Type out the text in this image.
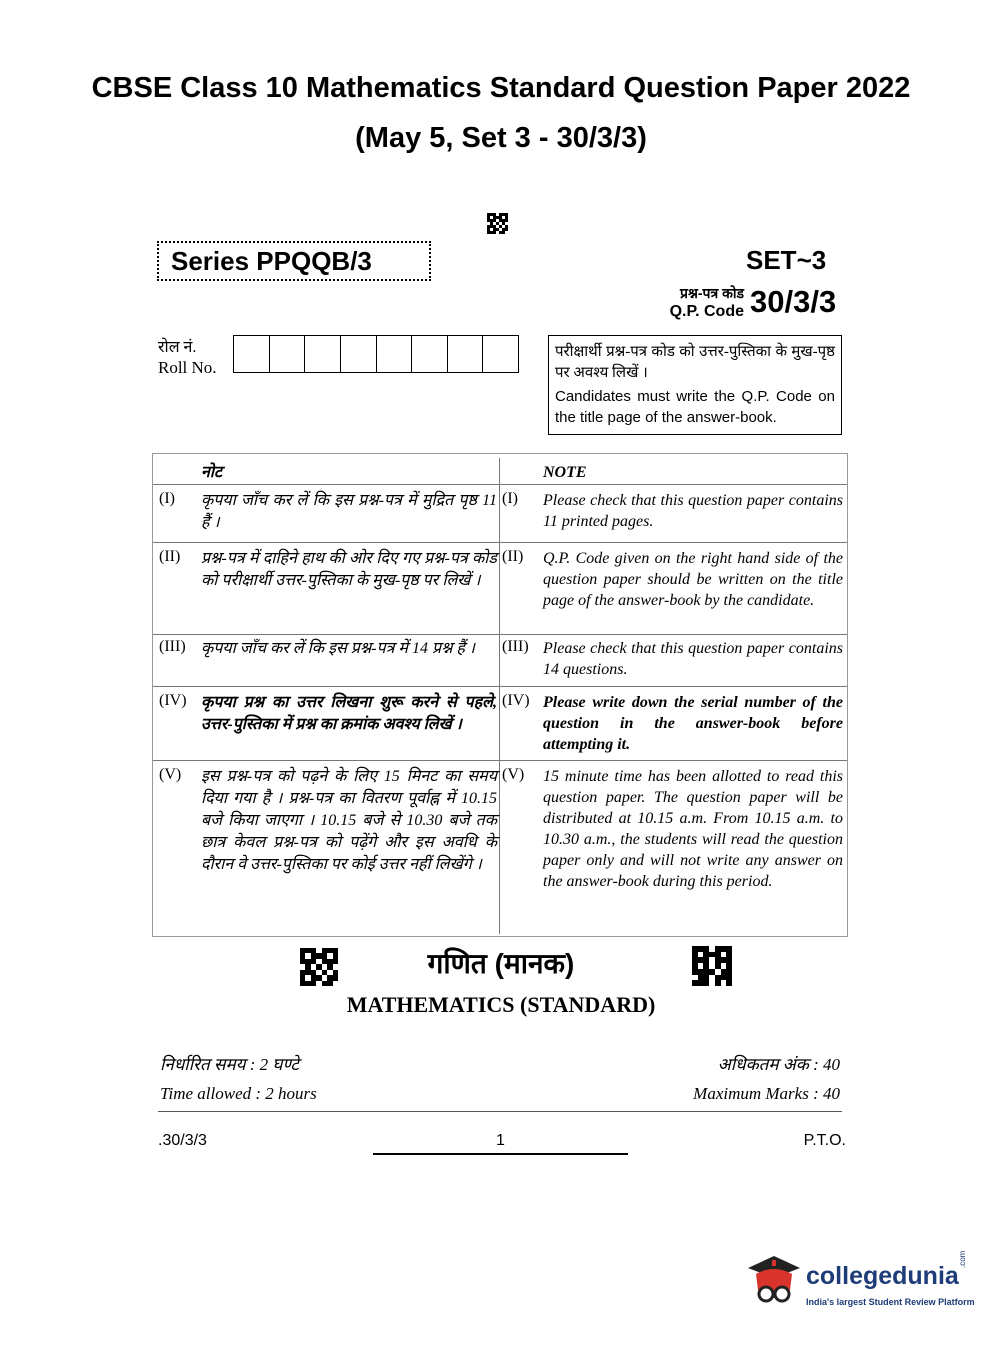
CBSE Class 10 Mathematics Standard Question Paper 2022
(May 5, Set 3 - 30/3/3)
Series PPQQB/3	SET~3
प्रश्न-पत्र कोड
Q.P. Code 30/3/3
रोल नं.
Roll No.
परीक्षार्थी प्रश्न-पत्र कोड को उत्तर-पुस्तिका के मुख-पृष्ठ पर अवश्य लिखें ।
Candidates must write the Q.P. Code on the title page of the answer-book.
नोट	NOTE
(I) कृपया जाँच कर लें कि इस प्रश्न-पत्र में मुद्रित पृष्ठ 11 हैं ।
(I) Please check that this question paper contains 11 printed pages.
(II) प्रश्न-पत्र में दाहिने हाथ की ओर दिए गए प्रश्न-पत्र कोड को परीक्षार्थी उत्तर-पुस्तिका के मुख-पृष्ठ पर लिखें ।
(II) Q.P. Code given on the right hand side of the question paper should be written on the title page of the answer-book by the candidate.
(III) कृपया जाँच कर लें कि इस प्रश्न-पत्र में 14 प्रश्न हैं ।	(III) Please check that this question paper contains 14 questions.
(IV) कृपया प्रश्न का उत्तर लिखना शुरू करने से पहले, उत्तर-पुस्तिका में प्रश्न का क्रमांक अवश्य लिखें ।
(IV) Please write down the serial number of the question in the answer-book before attempting it.
(V) इस प्रश्न-पत्र को पढ़ने के लिए 15 मिनट का समय दिया गया है । प्रश्न-पत्र का वितरण पूर्वाह्न में 10.15 बजे किया जाएगा । 10.15 बजे से 10.30 बजे तक छात्र केवल प्रश्न-पत्र को पढ़ेंगे और इस अवधि के दौरान वे उत्तर-पुस्तिका पर कोई उत्तर नहीं लिखेंगे ।
(V) 15 minute time has been allotted to read this question paper. The question paper will be distributed at 10.15 a.m. From 10.15 a.m. to 10.30 a.m., the students will read the question paper only and will not write any answer on the answer-book during this period.
गणित (मानक)
MATHEMATICS (STANDARD)
निर्धारित समय : 2 घण्टे	अधिकतम अंक : 40
Time allowed : 2 hours	Maximum Marks : 40
.30/3/3	1	P.T.O.
collegedunia
.com
India's largest Student Review Platform
